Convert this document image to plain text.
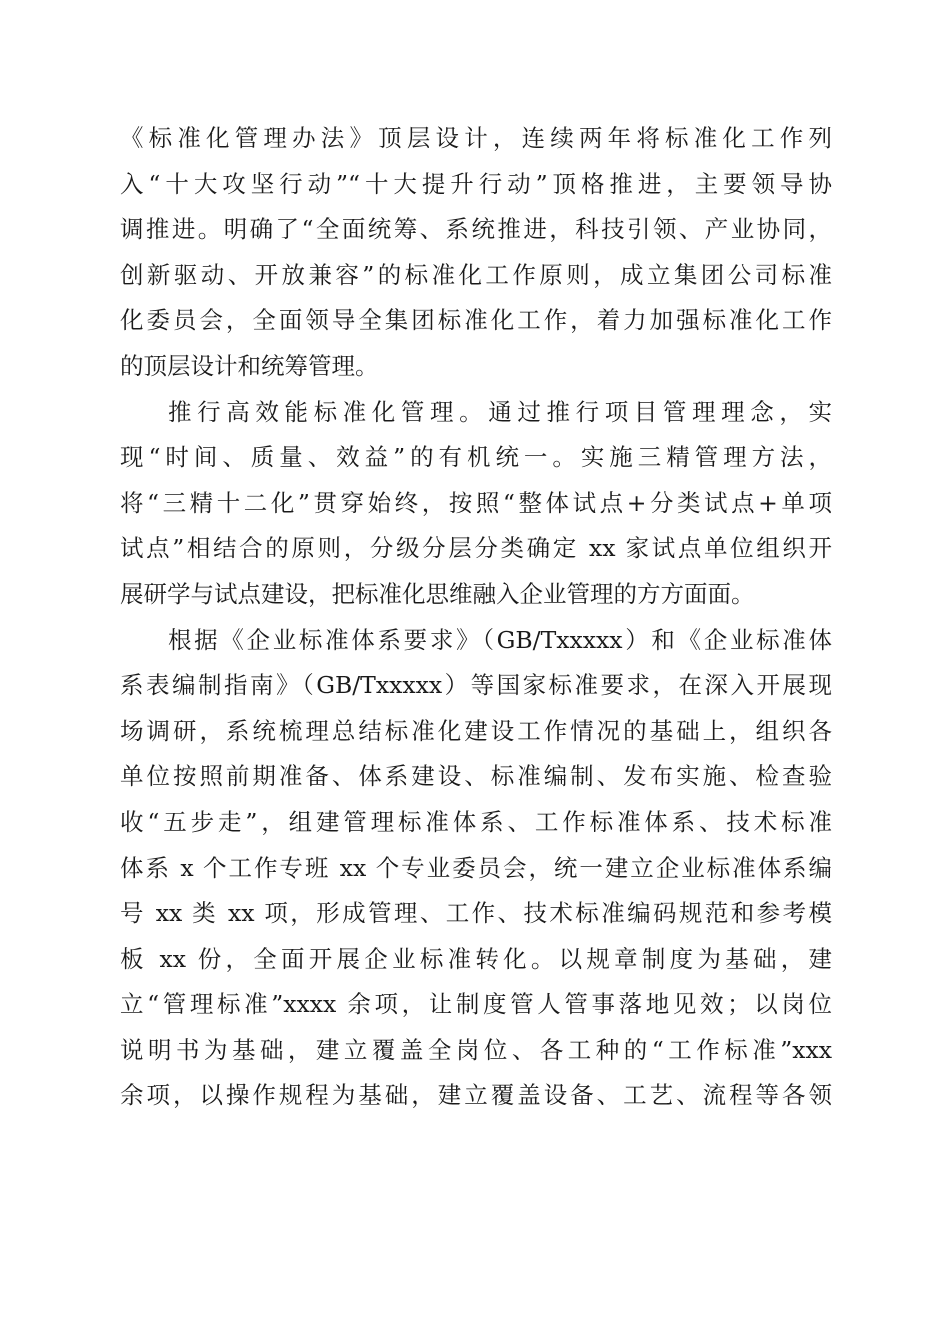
《标准化管理办法》顶层设计，连续两年将标准化工作列
入“十大攻坚行动”“十大提升行动”顶格推进，主要领导协
调推进。明确了“全面统筹、系统推进，科技引领、产业协同，
创新驱动、开放兼容”的标准化工作原则，成立集团公司标准
化委员会，全面领导全集团标准化工作，着力加强标准化工作
的顶层设计和统筹管理。
推行高效能标准化管理。通过推行项目管理理念，实
现“时间、质量、效益”的有机统一。实施三精管理方法，
将“三精十二化”贯穿始终，按照“整体试点+分类试点+单项
试点”相结合的原则，分级分层分类确定 xx 家试点单位组织开
展研学与试点建设，把标准化思维融入企业管理的方方面面。
根据《企业标准体系要求》（GB/Txxxxx）和《企业标准体
系表编制指南》（GB/Txxxxx）等国家标准要求，在深入开展现
场调研，系统梳理总结标准化建设工作情况的基础上，组织各
单位按照前期准备、体系建设、标准编制、发布实施、检查验
收“五步走”，组建管理标准体系、工作标准体系、技术标准
体系 x 个工作专班 xx 个专业委员会，统一建立企业标准体系编
号 xx 类 xx 项，形成管理、工作、技术标准编码规范和参考模
板 xx 份，全面开展企业标准转化。以规章制度为基础，建
立“管理标准”xxxx 余项，让制度管人管事落地见效；以岗位
说明书为基础，建立覆盖全岗位、各工种的“工作标准”xxx
余项，以操作规程为基础，建立覆盖设备、工艺、流程等各领
